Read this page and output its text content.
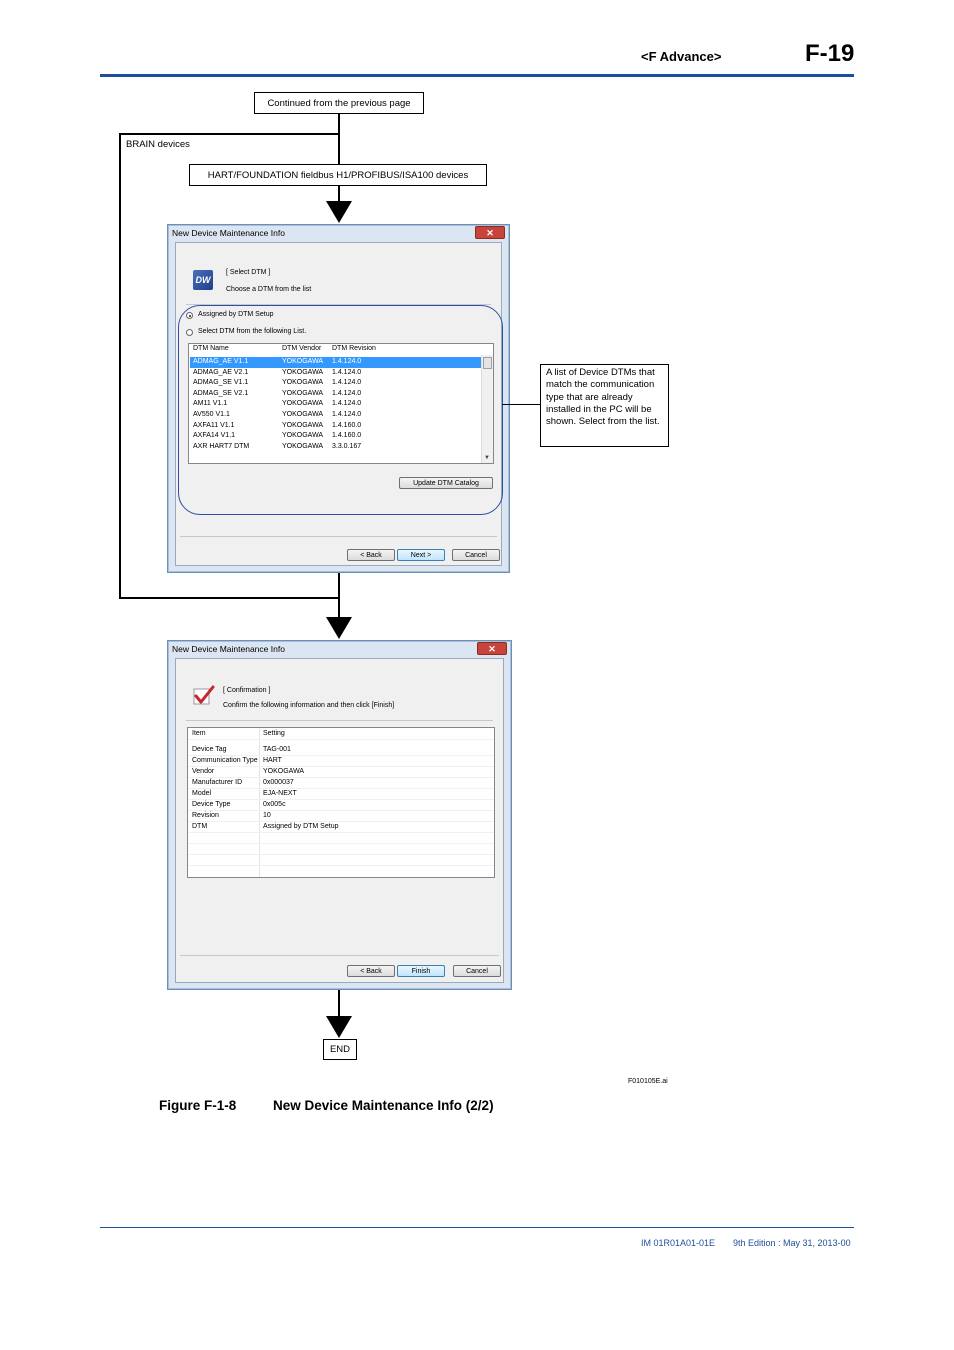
<F Advance>	F-19
Continued from the previous page
BRAIN devices
HART/FOUNDATION fieldbus H1/PROFIBUS/ISA100 devices
END
New Device Maintenance Info	✕
DW
[ Select DTM ]
Choose a DTM from the list
Assigned by DTM Setup
Select DTM from the following List.
DTM Name	DTM Vendor DTM Revision
ADMAG_AE V1.1	YOKOGAWA 1.4.124.0
ADMAG_AE V2.1	YOKOGAWA 1.4.124.0
ADMAG_SE V1.1	YOKOGAWA 1.4.124.0
ADMAG_SE V2.1	YOKOGAWA 1.4.124.0
AM11 V1.1	YOKOGAWA 1.4.124.0
AV550 V1.1	YOKOGAWA 1.4.124.0
AXFA11 V1.1	YOKOGAWA 1.4.160.0
AXFA14 V1.1	YOKOGAWA 1.4.160.0
AXR HART7 DTM	YOKOGAWA 3.3.0.167
▼
Update DTM Catalog
< Back	Next >	Cancel
A list of Device DTMs that match the communication type that are already installed in the PC will be shown. Select from the list.
New Device Maintenance Info	✕
[ Confirmation ]
Confirm the following information and then click [Finish]
Item	Setting
Device Tag	TAG-001
Communication Type HART
Vendor	YOKOGAWA
Manufacturer ID	0x000037
Model	EJA-NEXT
Device Type	0x005c
Revision	10
DTM	Assigned by DTM Setup
< Back	Finish	Cancel
F010105E.ai
Figure F-1-8	New Device Maintenance Info (2/2)
IM 01R01A01-01E 9th Edition : May 31, 2013-00
